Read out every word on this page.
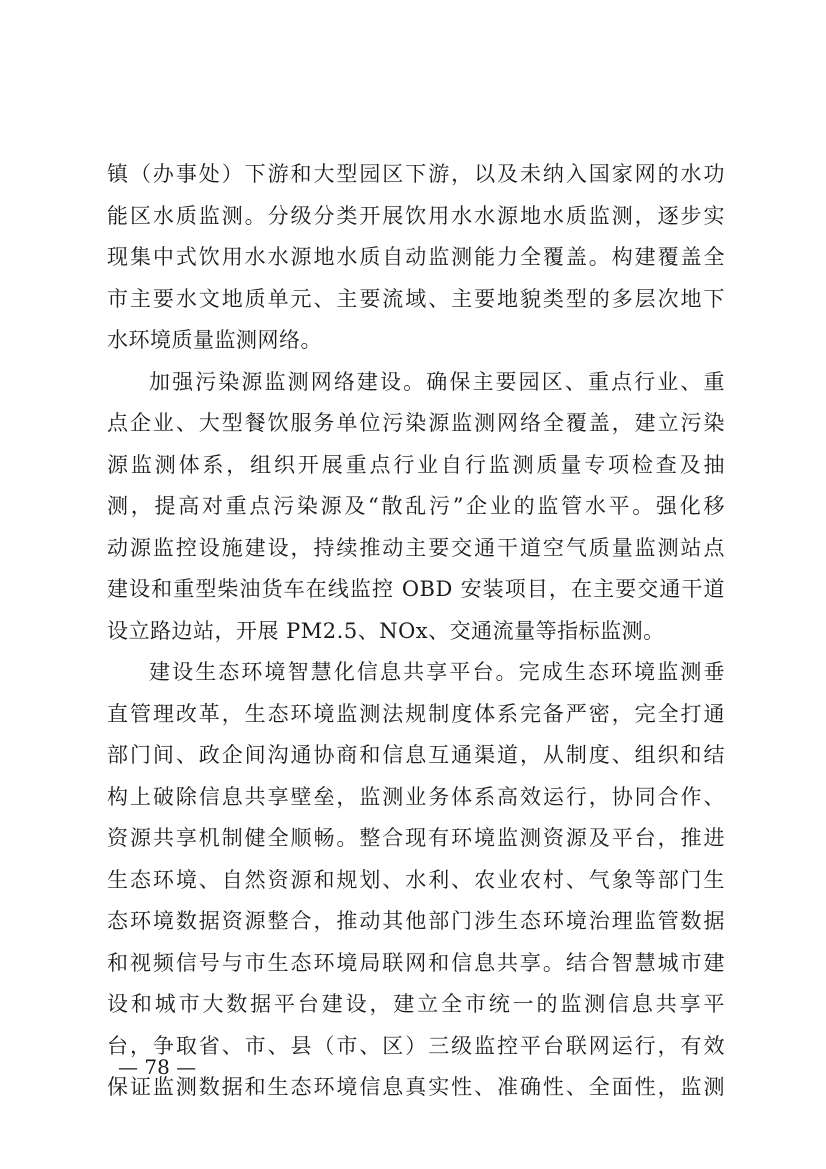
镇（办事处）下游和大型园区下游，以及未纳入国家网的水功
能区水质监测。分级分类开展饮用水水源地水质监测，逐步实
现集中式饮用水水源地水质自动监测能力全覆盖。构建覆盖全
市主要水文地质单元、主要流域、主要地貌类型的多层次地下
水环境质量监测网络。
加强污染源监测网络建设。确保主要园区、重点行业、重
点企业、大型餐饮服务单位污染源监测网络全覆盖，建立污染
源监测体系，组织开展重点行业自行监测质量专项检查及抽
测，提高对重点污染源及“散乱污”企业的监管水平。强化移
动源监控设施建设，持续推动主要交通干道空气质量监测站点
建设和重型柴油货车在线监控 OBD 安装项目，在主要交通干道
设立路边站，开展 PM2.5、NOx、交通流量等指标监测。
建设生态环境智慧化信息共享平台。完成生态环境监测垂
直管理改革，生态环境监测法规制度体系完备严密，完全打通
部门间、政企间沟通协商和信息互通渠道，从制度、组织和结
构上破除信息共享壁垒，监测业务体系高效运行，协同合作、
资源共享机制健全顺畅。整合现有环境监测资源及平台，推进
生态环境、自然资源和规划、水利、农业农村、气象等部门生
态环境数据资源整合，推动其他部门涉生态环境治理监管数据
和视频信号与市生态环境局联网和信息共享。结合智慧城市建
设和城市大数据平台建设，建立全市统一的监测信息共享平
台，争取省、市、县（市、区）三级监控平台联网运行，有效
保证监测数据和生态环境信息真实性、准确性、全面性，监测
— 78 —
